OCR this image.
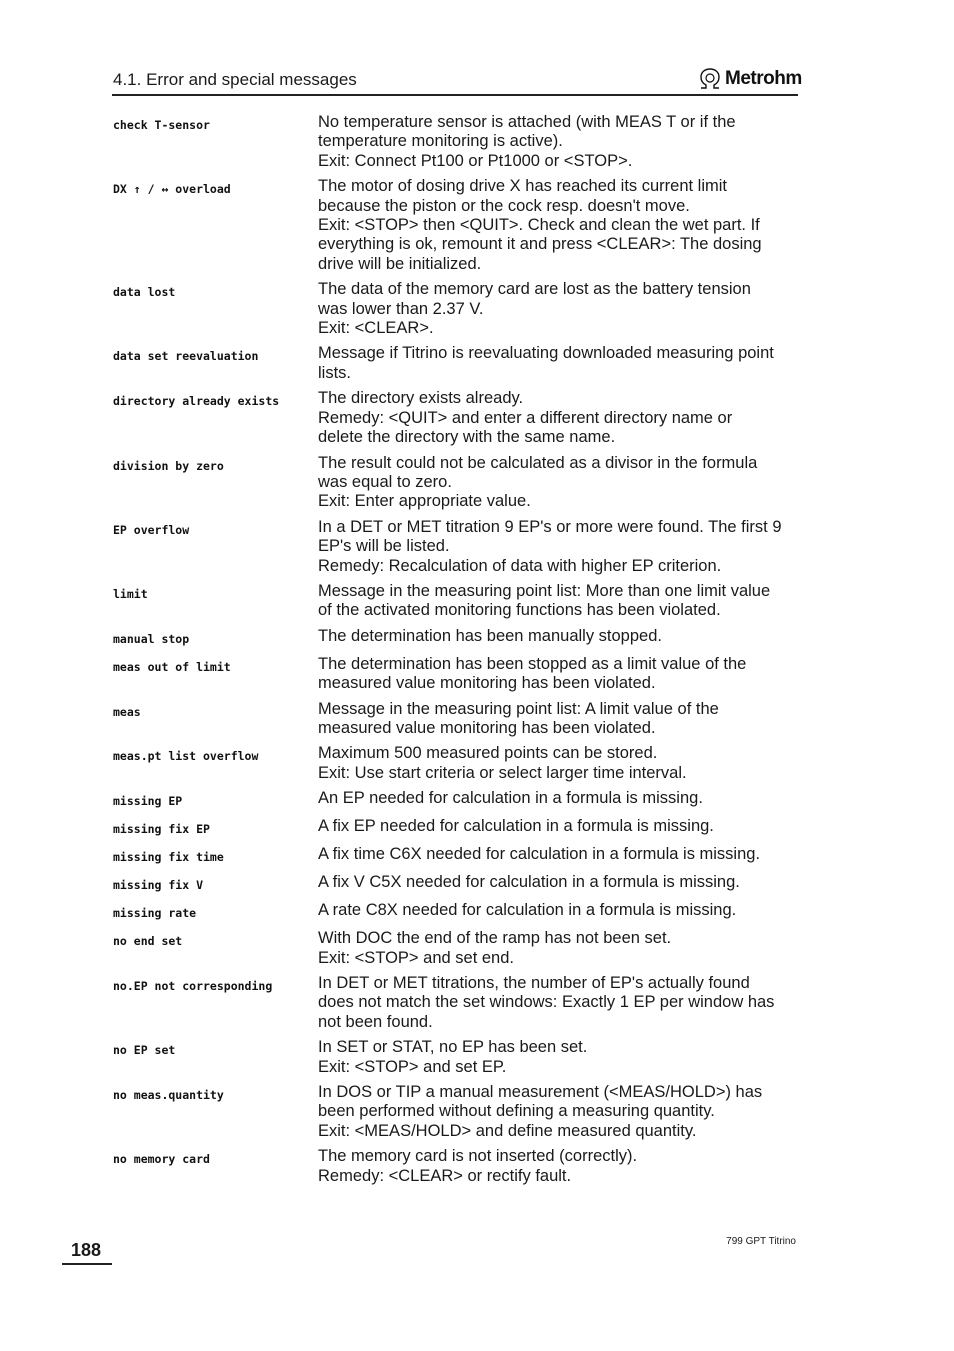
4.1. Error and special messages	Metrohm
check T-sensor	No temperature sensor is attached (with MEAS T or if the
temperature monitoring is active).
Exit: Connect Pt100 or Pt1000 or <STOP>.
DX ↑ / ↔ overload	The motor of dosing drive X has reached its current limit
because the piston or the cock resp. doesn't move.
Exit: <STOP> then <QUIT>. Check and clean the wet part. If
everything is ok, remount it and press <CLEAR>: The dosing
drive will be initialized.
data lost	The data of the memory card are lost as the battery tension
was lower than 2.37 V.
Exit: <CLEAR>.
data set reevaluation	Message if Titrino is reevaluating downloaded measuring point
lists.
directory already exists	The directory exists already.
Remedy: <QUIT> and enter a different directory name or
delete the directory with the same name.
division by zero	The result could not be calculated as a divisor in the formula
was equal to zero.
Exit: Enter appropriate value.
EP overflow	In a DET or MET titration 9 EP's or more were found. The first 9
EP's will be listed.
Remedy: Recalculation of data with higher EP criterion.
limit	Message in the measuring point list: More than one limit value
of the activated monitoring functions has been violated.
manual stop	The determination has been manually stopped.
meas out of limit	The determination has been stopped as a limit value of the
measured value monitoring has been violated.
meas	Message in the measuring point list: A limit value of the
measured value monitoring has been violated.
meas.pt list overflow	Maximum 500 measured points can be stored.
Exit: Use start criteria or select larger time interval.
missing EP	An EP needed for calculation in a formula is missing.
missing fix EP	A fix EP needed for calculation in a formula is missing.
missing fix time	A fix time C6X needed for calculation in a formula is missing.
missing fix V	A fix V C5X needed for calculation in a formula is missing.
missing rate	A rate C8X needed for calculation in a formula is missing.
no end set	With DOC the end of the ramp has not been set.
Exit: <STOP> and set end.
no.EP not corresponding	In DET or MET titrations, the number of EP's actually found
does not match the set windows: Exactly 1 EP per window has
not been found.
no EP set	In SET or STAT, no EP has been set.
Exit: <STOP> and set EP.
no meas.quantity	In DOS or TIP a manual measurement (<MEAS/HOLD>) has
been performed without defining a measuring quantity.
Exit: <MEAS/HOLD> and define measured quantity.
no memory card	The memory card is not inserted (correctly).
Remedy: <CLEAR> or rectify fault.
188	799 GPT Titrino
